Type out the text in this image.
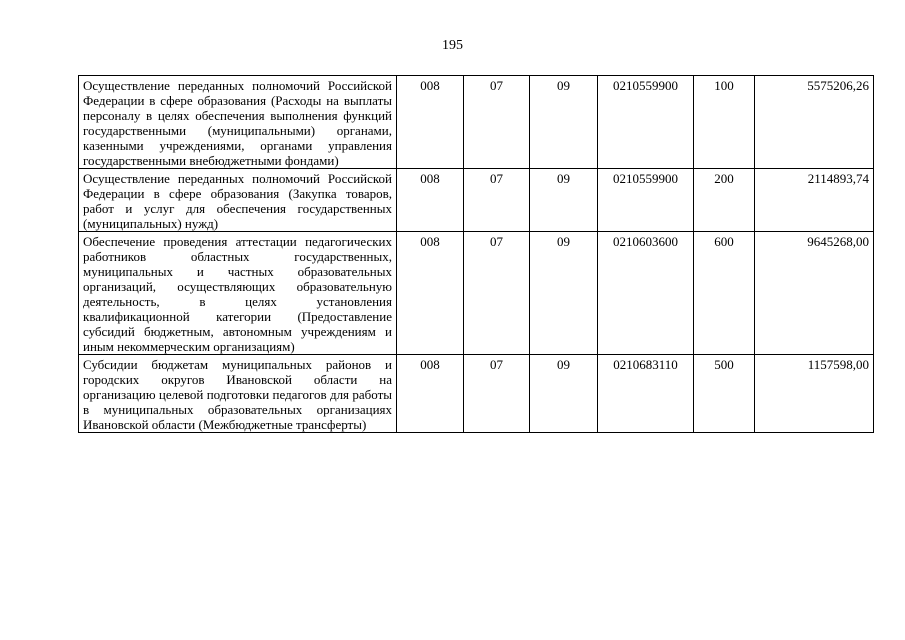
195
Осуществление переданных полномочий Российской Федерации в сфере образования (Расходы на выплаты персоналу в целях обеспечения выполнения функций государственными (муниципальными) органами, казенными учреждениями, органами управления государственными внебюджетными фондами)	008	07	09	0210559900	100	5575206,26

Осуществление переданных полномочий Российской Федерации в сфере образования (Закупка товаров, работ и услуг для обеспечения государственных (муниципальных) нужд)	008	07	09	0210559900	200	2114893,74

Обеспечение проведения аттестации педагогических работников областных государственных, муниципальных и частных образовательных организаций, осуществляющих образовательную деятельность, в целях установления квалификационной категории (Предоставление субсидий бюджетным, автономным учреждениям и иным некоммерческим организациям)	008	07	09	0210603600	600	9645268,00

Субсидии бюджетам муниципальных районов и городских округов Ивановской области на организацию целевой подготовки педагогов для работы в муниципальных образовательных организациях Ивановской области (Межбюджетные трансферты)	008	07	09	0210683110	500	1157598,00
